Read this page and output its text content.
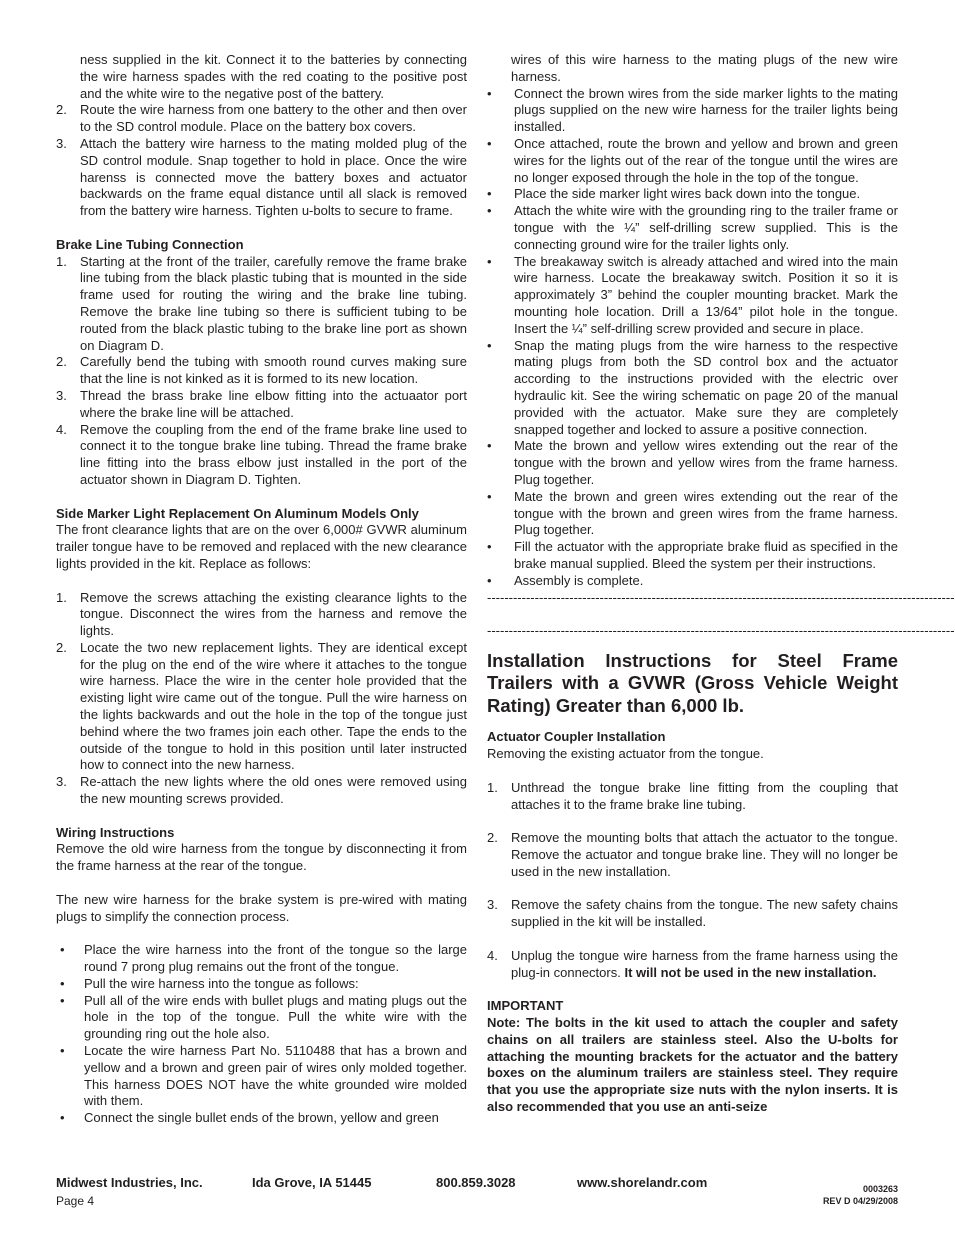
ness supplied in the kit. Connect it to the batteries by connecting the wire harness spades with the red coating to the positive post and the white wire to the negative post of the battery.
2. Route the wire harness from one battery to the other and then over to the SD control module. Place on the battery box covers.
3. Attach the battery wire harness to the mating molded plug of the SD control module. Snap together to hold in place. Once the wire harenss is connected move the battery boxes and actuator backwards on the frame equal distance until all slack is removed from the battery wire harness. Tighten u-bolts to secure to frame.
Brake Line Tubing Connection
1. Starting at the front of the trailer, carefully remove the frame brake line tubing from the black plastic tubing that is mounted in the side frame used for routing the wiring and the brake line tubing. Remove the brake line tubing so there is sufficient tubing to be routed from the black plastic tubing to the brake line port as shown on Diagram D.
2. Carefully bend the tubing with smooth round curves making sure that the line is not kinked as it is formed to its new location.
3. Thread the brass brake line elbow fitting into the actuaator port where the brake line will be attached.
4. Remove the coupling from the end of the frame brake line used to connect it to the tongue brake line tubing. Thread the frame brake line fitting into the brass elbow just installed in the port of the actuator shown in Diagram D. Tighten.
Side Marker Light Replacement On Aluminum Models Only
The front clearance lights that are on the over 6,000# GVWR aluminum trailer tongue have to be removed and replaced with the new clearance lights provided in the kit. Replace as follows:
1. Remove the screws attaching the existing clearance lights to the tongue. Disconnect the wires from the harness and remove the lights.
2. Locate the two new replacement lights. They are identical except for the plug on the end of the wire where it attaches to the tongue wire harness. Place the wire in the center hole provided that the existing light wire came out of the tongue. Pull the wire harness on the lights backwards and out the hole in the top of the tongue just behind where the two frames join each other. Tape the ends to the outside of the tongue to hold in this position until later instructed how to connect into the new harness.
3. Re-attach the new lights where the old ones were removed using the new mounting screws provided.
Wiring Instructions
Remove the old wire harness from the tongue by disconnecting it from the frame harness at the rear of the tongue.
The new wire harness for the brake system is pre-wired with mating plugs to simplify the connection process.
• Place the wire harness into the front of the tongue so the large round 7 prong plug remains out the front of the tongue.
• Pull the wire harness into the tongue as follows:
• Pull all of the wire ends with bullet plugs and mating plugs out the hole in the top of the tongue. Pull the white wire with the grounding ring out the hole also.
• Locate the wire harness Part No. 5110488 that has a brown and yellow and a brown and green pair of wires only molded together. This harness DOES NOT have the white grounded wire molded with them.
• Connect the single bullet ends of the brown, yellow and green
wires of this wire harness to the mating plugs of the new wire harness.
• Connect the brown wires from the side marker lights to the mating plugs supplied on the new wire harness for the trailer lights being installed.
• Once attached, route the brown and yellow and brown and green wires for the lights out of the rear of the tongue until the wires are no longer exposed through the hole in the top of the tongue.
• Place the side marker light wires back down into the tongue.
• Attach the white wire with the grounding ring to the trailer frame or tongue with the ¼” self-drilling screw supplied. This is the connecting ground wire for the trailer lights only.
• The breakaway switch is already attached and wired into the main wire harness. Locate the breakaway switch. Position it so it is approximately 3” behind the coupler mounting bracket. Mark the mounting hole location. Drill a 13/64” pilot hole in the tongue. Insert the ¼” self-drilling screw provided and secure in place.
• Snap the mating plugs from the wire harness to the respective mating plugs from both the SD control box and the actuator according to the instructions provided with the electric over hydraulic kit. See the wiring schematic on page 20 of the manual provided with the actuator. Make sure they are completely snapped together and locked to assure a positive connection.
• Mate the brown and yellow wires extending out the rear of the tongue with the brown and yellow wires from the frame harness. Plug together.
• Mate the brown and green wires extending out the rear of the tongue with the brown and green wires from the frame harness. Plug together.
• Fill the actuator with the appropriate brake fluid as specified in the brake manual supplied. Bleed the system per their instructions.
• Assembly is complete.
------------------------------------------------------------------------------------------------------------
------------------------------------------------------------------------------------------------------------
Installation Instructions for Steel Frame Trailers with a GVWR (Gross Vehicle Weight Rating) Greater than 6,000 lb.
Actuator Coupler Installation
Removing the existing actuator from the tongue.
1. Unthread the tongue brake line fitting from the coupling that attaches it to the frame brake line tubing.
2. Remove the mounting bolts that attach the actuator to the tongue. Remove the actuator and tongue brake line. They will no longer be used in the new installation.
3. Remove the safety chains from the tongue. The new safety chains supplied in the kit will be installed.
4. Unplug the tongue wire harness from the frame harness using the plug-in connectors. It will not be used in the new installation.
IMPORTANT
Note: The bolts in the kit used to attach the coupler and safety chains on all trailers are stainless steel. Also the U-bolts for attaching the mounting brackets for the actuator and the battery boxes on the aluminum trailers are stainless steel. They require that you use the appropriate size nuts with the nylon inserts. It is also recommended that you use an anti-seize
Midwest Industries, Inc.	Ida Grove, IA 51445	800.859.3028	www.shorelandr.com
Page 4
0003263
REV D 04/29/2008
